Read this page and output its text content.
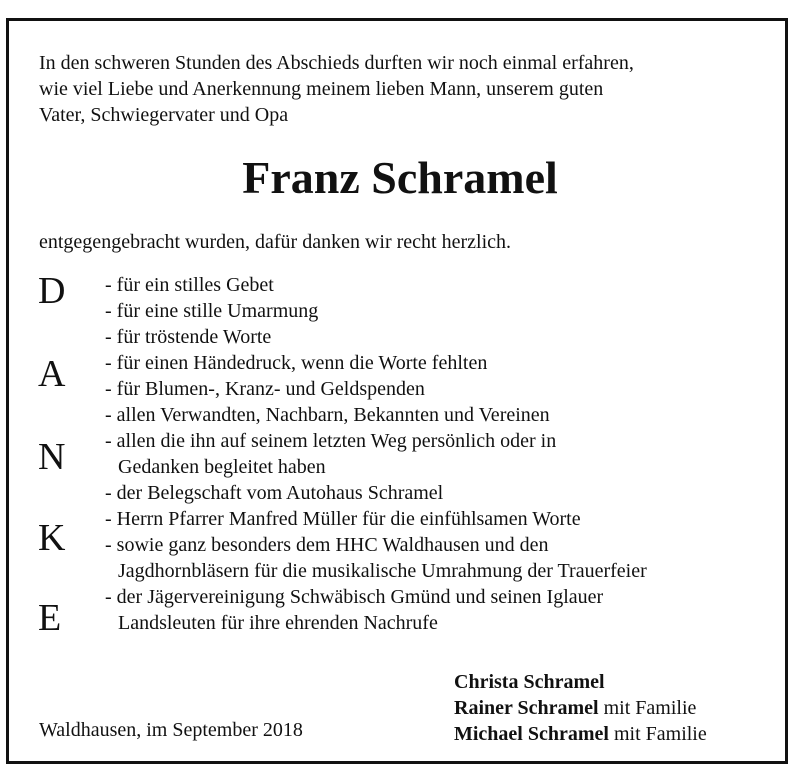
In den schweren Stunden des Abschieds durften wir noch einmal erfahren,
wie viel Liebe und Anerkennung meinem lieben Mann, unserem guten
Vater, Schwiegervater und Opa

Franz Schramel

entgegengebracht wurden, dafür danken wir recht herzlich.

D
A
N
K
E
- für ein stilles Gebet
- für eine stille Umarmung
- für tröstende Worte
- für einen Händedruck, wenn die Worte fehlten
- für Blumen-, Kranz- und Geldspenden
- allen Verwandten, Nachbarn, Bekannten und Vereinen
- allen die ihn auf seinem letzten Weg persönlich oder in
Gedanken begleitet haben
- der Belegschaft vom Autohaus Schramel
- Herrn Pfarrer Manfred Müller für die einfühlsamen Worte
- sowie ganz besonders dem HHC Waldhausen und den
Jagdhornbläsern für die musikalische Umrahmung der Trauerfeier
- der Jägervereinigung Schwäbisch Gmünd und seinen Iglauer
Landsleuten für ihre ehrenden Nachrufe
Waldhausen, im September 2018
Christa Schramel
Rainer Schramel mit Familie
Michael Schramel mit Familie
